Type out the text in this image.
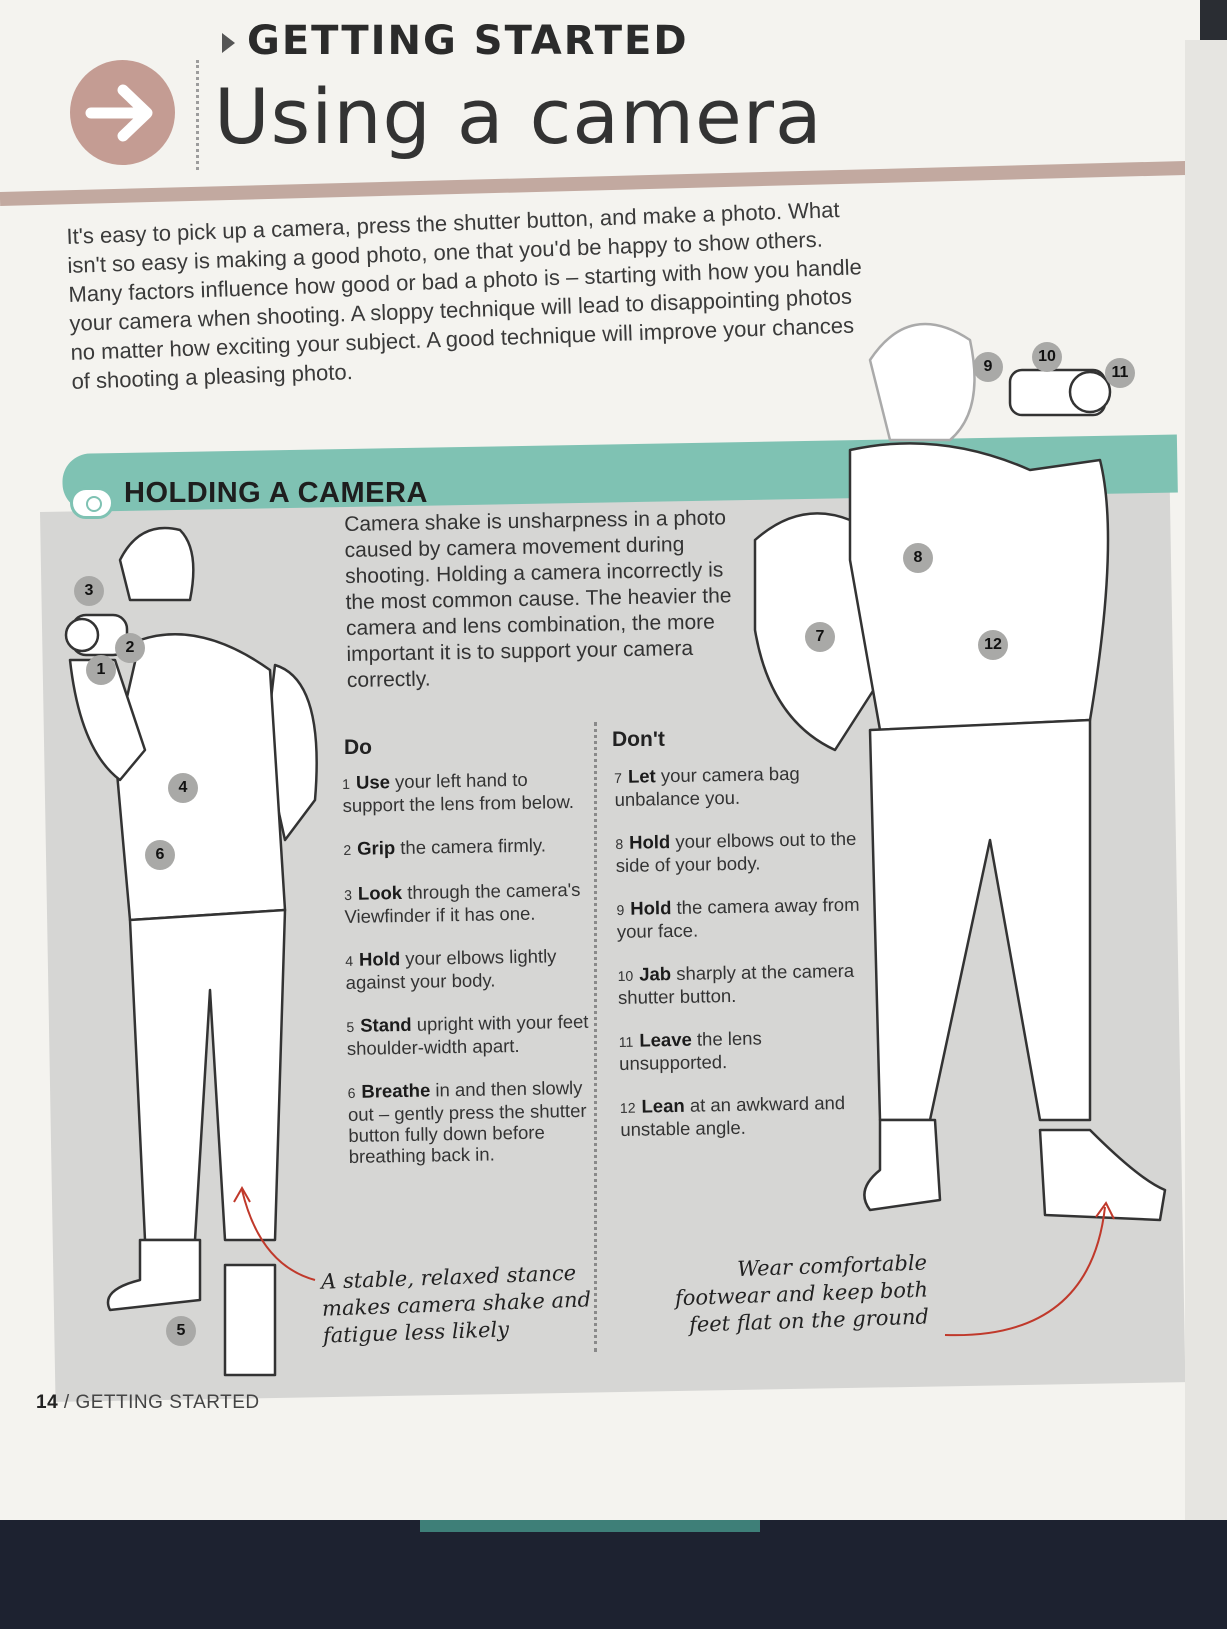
GETTING STARTED
Using a camera

It's easy to pick up a camera, press the shutter button, and make a photo. What isn't so easy is making a good photo, one that you'd be happy to show others. Many factors influence how good or bad a photo is – starting with how you handle your camera when shooting. A sloppy technique will lead to disappointing photos no matter how exciting your subject. A good technique will improve your chances of shooting a pleasing photo.

HOLDING A CAMERA

Camera shake is unsharpness in a photo caused by camera movement during shooting. Holding a camera incorrectly is the most common cause. The heavier the camera and lens combination, the more important it is to support your camera correctly.

Do	Don't
1 Use your left hand to support the lens from below.
2 Grip the camera firmly.
3 Look through the camera's Viewfinder if it has one.
4 Hold your elbows lightly against your body.
5 Stand upright with your feet shoulder-width apart.
6 Breathe in and then slowly out – gently press the shutter button fully down before breathing back in.
7 Let your camera bag unbalance you.
8 Hold your elbows out to the side of your body.
9 Hold the camera away from your face.
10 Jab sharply at the camera shutter button.
11 Leave the lens unsupported.
12 Lean at an awkward and unstable angle.
1
2
3
4
5
6
7
8
9
10
11
12

A stable, relaxed stance makes camera shake and fatigue less likely

Wear comfortable footwear and keep both feet flat on the ground

14 / GETTING STARTED
